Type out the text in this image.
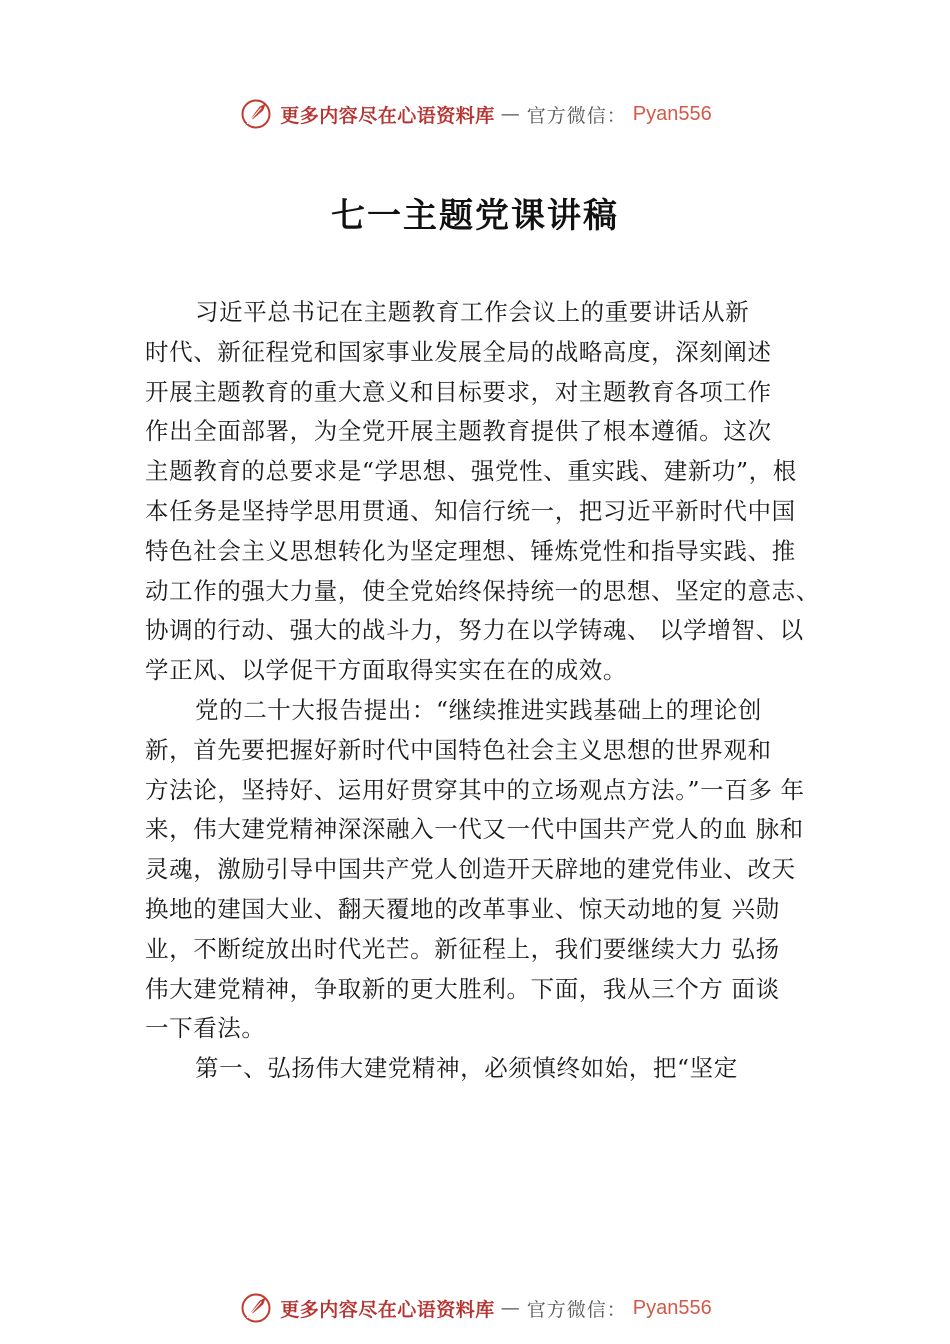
更多内容尽在心语资料库 — 官方微信： Pyan556
七一主题党课讲稿
习近平总书记在主题教育工作会议上的重要讲话从新
时代、新征程党和国家事业发展全局的战略高度，深刻阐述
开展主题教育的重大意义和目标要求，对主题教育各项工作
作出全面部署，为全党开展主题教育提供了根本遵循。这次
主题教育的总要求是“学思想、强党性、重实践、建新功”，根
本任务是坚持学思用贯通、知信行统一，把习近平新时代中国
特色社会主义思想转化为坚定理想、锤炼党性和指导实践、推
动工作的强大力量，使全党始终保持统一的思想、坚定的意志、
协调的行动、强大的战斗力，努力在以学铸魂、 以学增智、以
学正风、以学促干方面取得实实在在的成效。
党的二十大报告提出：“继续推进实践基础上的理论创
新，首先要把握好新时代中国特色社会主义思想的世界观和
方法论，坚持好、运用好贯穿其中的立场观点方法。”一百多 年
来，伟大建党精神深深融入一代又一代中国共产党人的血 脉和
灵魂，激励引导中国共产党人创造开天辟地的建党伟业、改天
换地的建国大业、翻天覆地的改革事业、惊天动地的复 兴勋
业，不断绽放出时代光芒。新征程上，我们要继续大力 弘扬
伟大建党精神，争取新的更大胜利。下面，我从三个方 面谈
一下看法。
第一、弘扬伟大建党精神，必须慎终如始，把“坚定
更多内容尽在心语资料库 — 官方微信： Pyan556
